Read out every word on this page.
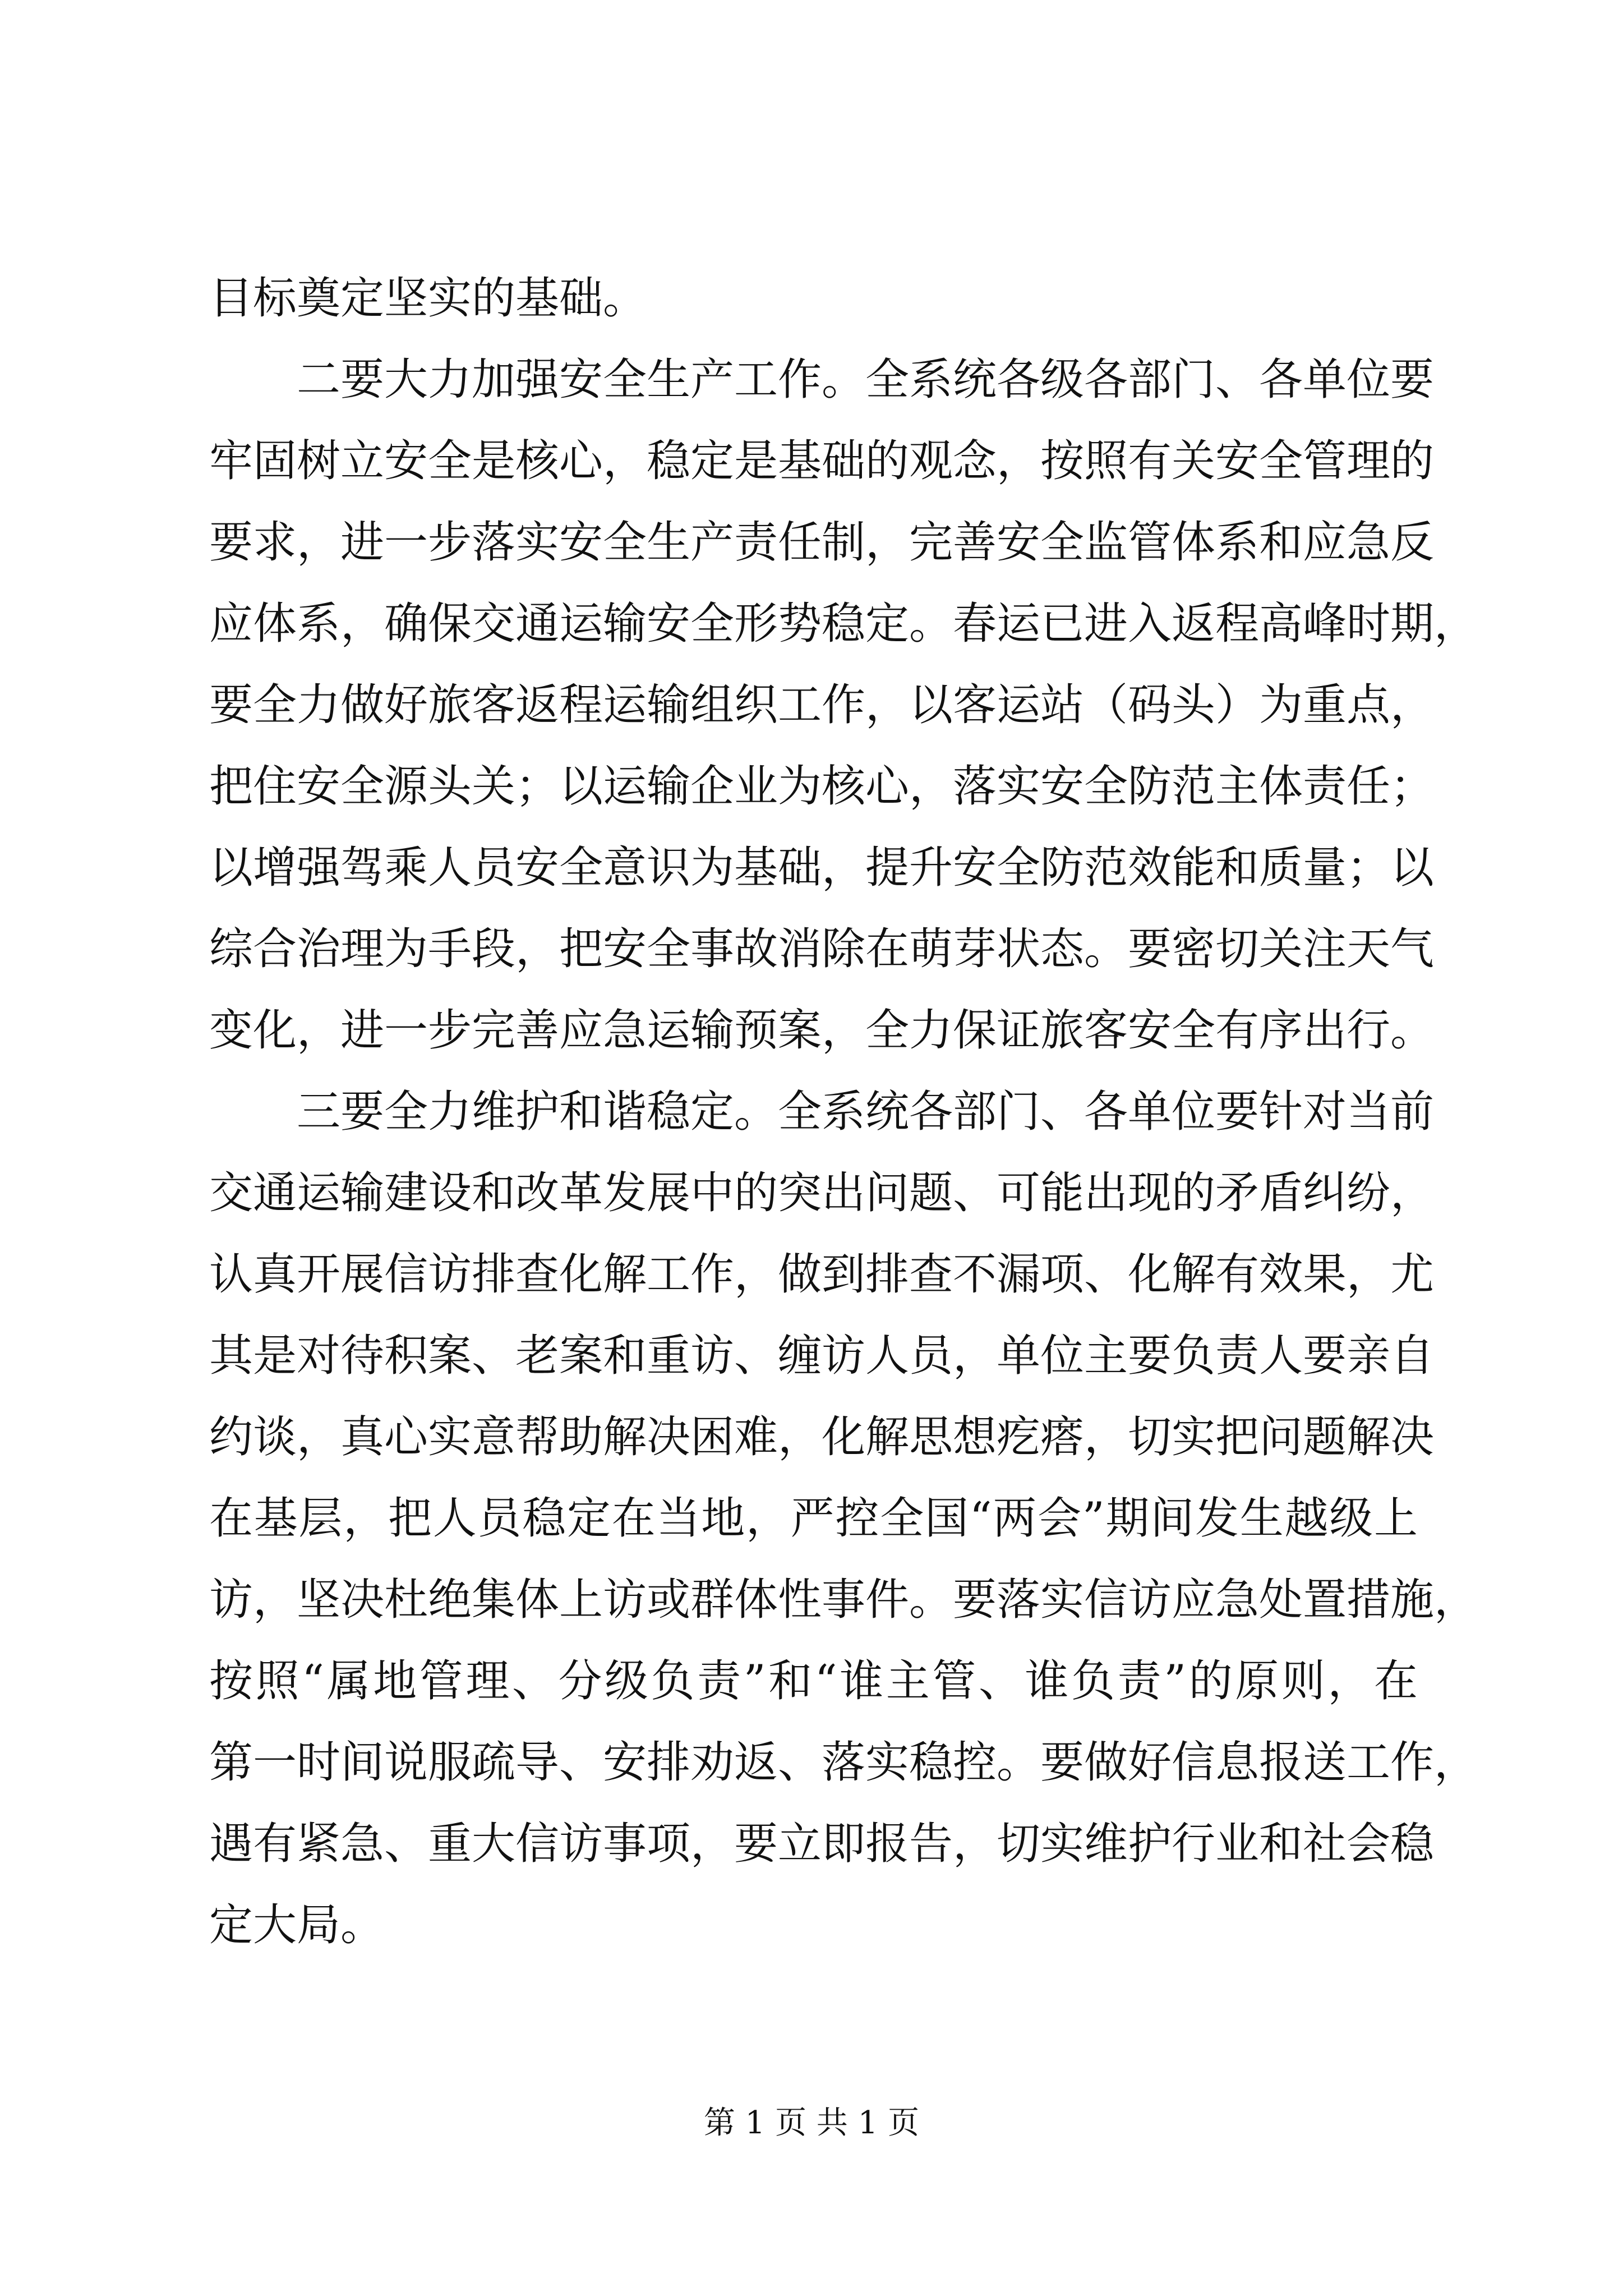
目标奠定坚实的基础。
二要大力加强安全生产工作。全系统各级各部门、各单位要
牢固树立安全是核心，稳定是基础的观念，按照有关安全管理的
要求，进一步落实安全生产责任制，完善安全监管体系和应急反
应体系，确保交通运输安全形势稳定。春运已进入返程高峰时期，
要全力做好旅客返程运输组织工作，以客运站（码头）为重点，
把住安全源头关；以运输企业为核心，落实安全防范主体责任；
以增强驾乘人员安全意识为基础，提升安全防范效能和质量；以
综合治理为手段，把安全事故消除在萌芽状态。要密切关注天气
变化，进一步完善应急运输预案，全力保证旅客安全有序出行。
三要全力维护和谐稳定。全系统各部门、各单位要针对当前
交通运输建设和改革发展中的突出问题、可能出现的矛盾纠纷，
认真开展信访排查化解工作，做到排查不漏项、化解有效果，尤
其是对待积案、老案和重访、缠访人员，单位主要负责人要亲自
约谈，真心实意帮助解决困难，化解思想疙瘩，切实把问题解决
在基层，把人员稳定在当地，严控全国“两会”期间发生越级上
访，坚决杜绝集体上访或群体性事件。要落实信访应急处置措施，
按照“属地管理、分级负责”和“谁主管、谁负责”的原则，在
第一时间说服疏导、安排劝返、落实稳控。要做好信息报送工作，
遇有紧急、重大信访事项，要立即报告，切实维护行业和社会稳
定大局。
第 1 页 共 1 页
